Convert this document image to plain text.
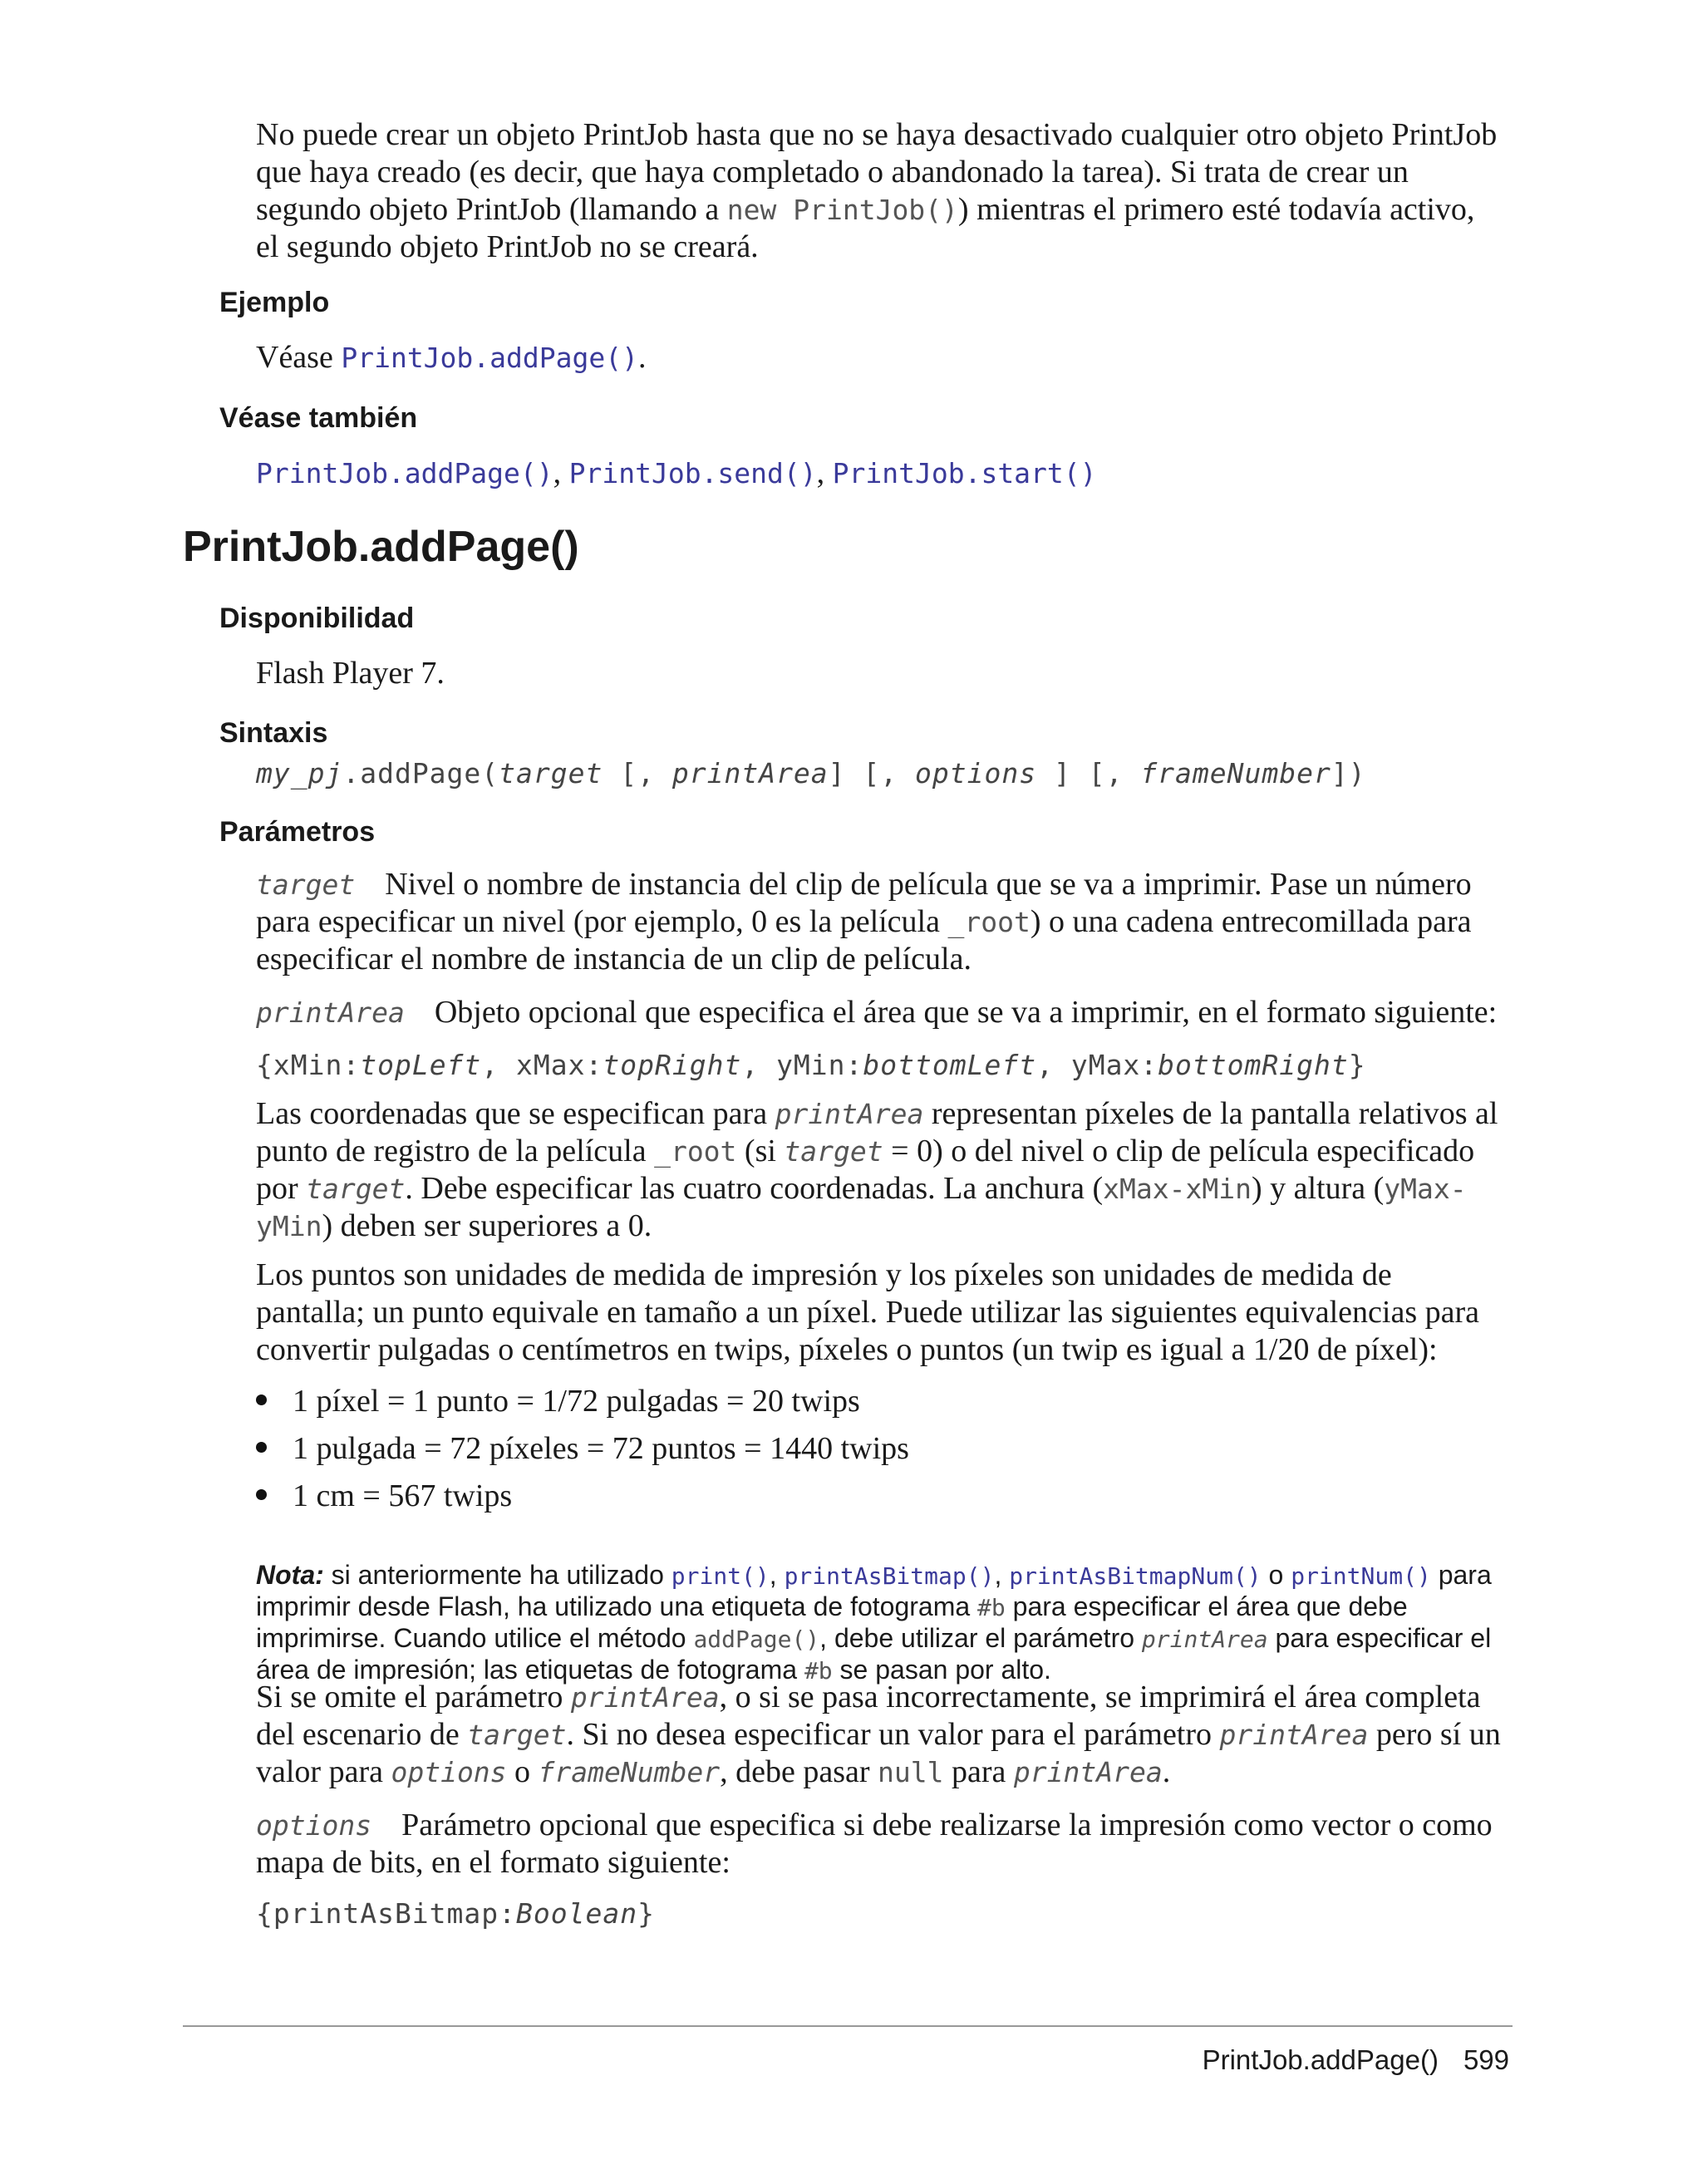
No puede crear un objeto PrintJob hasta que no se haya desactivado cualquier otro objeto PrintJob que haya creado (es decir, que haya completado o abandonado la tarea). Si trata de crear un segundo objeto PrintJob (llamando a new PrintJob()) mientras el primero esté todavía activo, el segundo objeto PrintJob no se creará.

Ejemplo

Véase PrintJob.addPage().

Véase también

PrintJob.addPage(), PrintJob.send(), PrintJob.start()

PrintJob.addPage()
Disponibilidad

Flash Player 7.

Sintaxis

my_pj.addPage(target [, printArea] [, options ] [, frameNumber])

Parámetros

target Nivel o nombre de instancia del clip de película que se va a imprimir. Pase un número para especificar un nivel (por ejemplo, 0 es la película _root) o una cadena entrecomillada para especificar el nombre de instancia de un clip de película.

printArea Objeto opcional que especifica el área que se va a imprimir, en el formato siguiente:

{xMin:topLeft, xMax:topRight, yMin:bottomLeft, yMax:bottomRight}

Las coordenadas que se especifican para printArea representan píxeles de la pantalla relativos al punto de registro de la película _root (si target = 0) o del nivel o clip de película especificado por target. Debe especificar las cuatro coordenadas. La anchura (xMax-xMin) y altura (yMax-yMin) deben ser superiores a 0.

Los puntos son unidades de medida de impresión y los píxeles son unidades de medida de pantalla; un punto equivale en tamaño a un píxel. Puede utilizar las siguientes equivalencias para convertir pulgadas o centímetros en twips, píxeles o puntos (un twip es igual a 1/20 de píxel):

1 píxel = 1 punto = 1/72 pulgadas = 20 twips
1 pulgada = 72 píxeles = 72 puntos = 1440 twips
1 cm = 567 twips

Nota: si anteriormente ha utilizado print(), printAsBitmap(), printAsBitmapNum() o printNum() para imprimir desde Flash, ha utilizado una etiqueta de fotograma #b para especificar el área que debe imprimirse. Cuando utilice el método addPage(), debe utilizar el parámetro printArea para especificar el área de impresión; las etiquetas de fotograma #b se pasan por alto.

Si se omite el parámetro printArea, o si se pasa incorrectamente, se imprimirá el área completa del escenario de target. Si no desea especificar un valor para el parámetro printArea pero sí un valor para options o frameNumber, debe pasar null para printArea.

options Parámetro opcional que especifica si debe realizarse la impresión como vector o como mapa de bits, en el formato siguiente:

{printAsBitmap:Boolean}

PrintJob.addPage() 599
